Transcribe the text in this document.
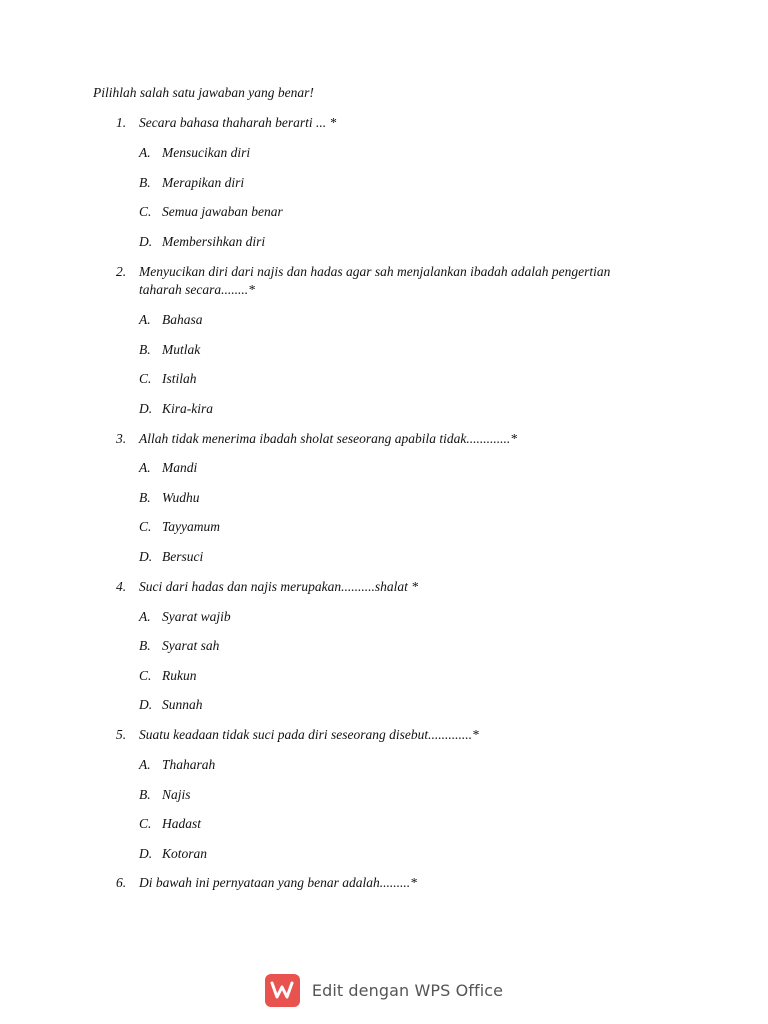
Pilihlah salah satu jawaban yang benar!
1. Secara bahasa thaharah berarti ... *
A. Mensucikan diri
B. Merapikan diri
C. Semua jawaban benar
D. Membersihkan diri
2. Menyucikan diri dari najis dan hadas agar sah menjalankan ibadah adalah pengertian taharah secara........*
A. Bahasa
B. Mutlak
C. Istilah
D. Kira-kira
3. Allah tidak menerima ibadah sholat seseorang apabila tidak.............*
A. Mandi
B. Wudhu
C. Tayyamum
D. Bersuci
4. Suci dari hadas dan najis merupakan..........shalat *
A. Syarat wajib
B. Syarat sah
C. Rukun
D. Sunnah
5. Suatu keadaan tidak suci pada diri seseorang disebut.............*
A. Thaharah
B. Najis
C. Hadast
D. Kotoran
6. Di bawah ini pernyataan yang benar adalah.........*
Edit dengan WPS Office
